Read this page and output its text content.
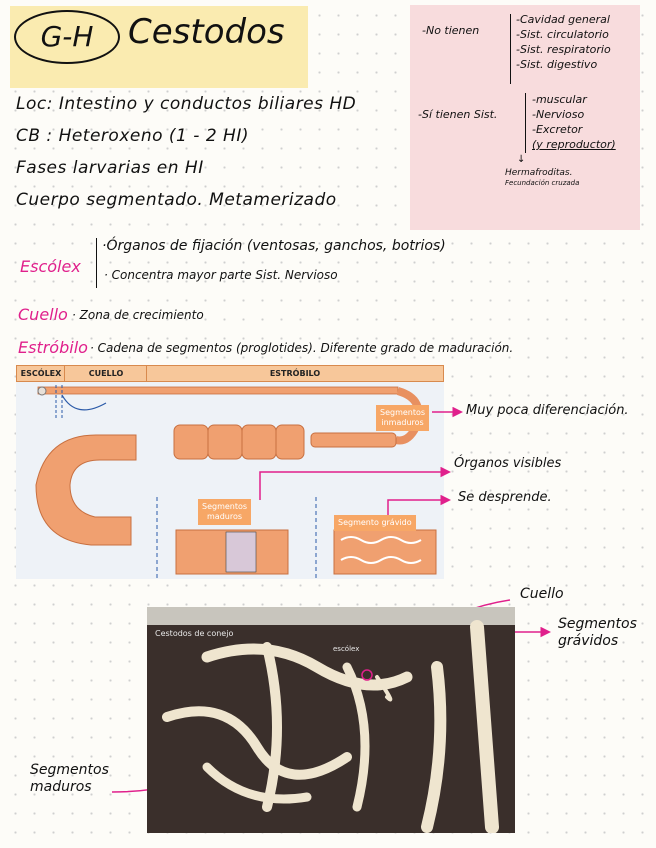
G-H	Cestodos	-No tienen
-Cavidad general
-Sist. circulatorio
-Sist. respiratorio
-Sist. digestivo
-Sí tienen Sist.
-muscular
-Nervioso
-Excretor
(y reproductor)
↓
Hermafroditas.
Fecundación cruzada
Loc: Intestino y conductos biliares HD
CB : Heteroxeno (1 - 2 HI)
Fases larvarias en HI
Cuerpo segmentado. Metamerizado
Escólex
·Órganos de fijación (ventosas, ganchos, botrios)
· Concentra mayor parte Sist. Nervioso
Cuello · Zona de crecimiento
Estróbilo · Cadena de segmentos (proglotides). Diferente grado de maduración.
ESCÓLEX	CUELLO	ESTRÓBILO
Segmentos
inmaduros
Segmentos
maduros
Segmento grávido
Muy poca diferenciación.
Órganos visibles
Se desprende.
Cestodos de conejo
escólex
Cuello
Segmentos
grávidos
Segmentos
maduros
